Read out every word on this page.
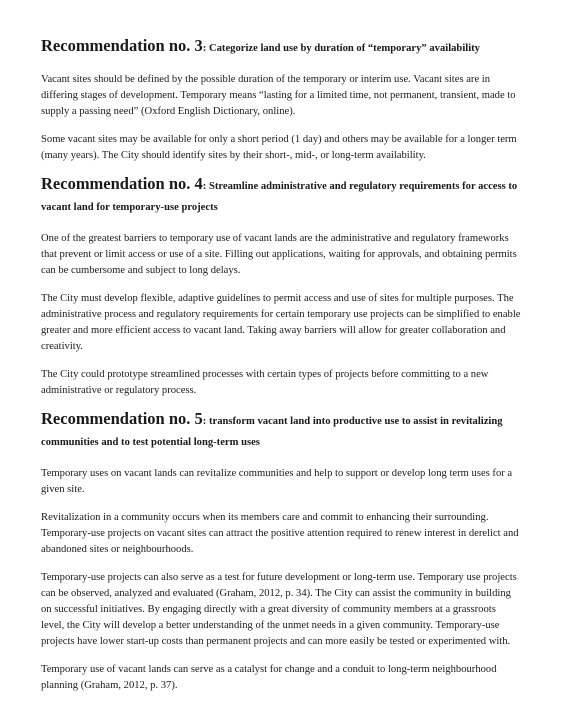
Recommendation no. 3: Categorize land use by duration of “temporary” availability

Vacant sites should be defined by the possible duration of the temporary or interim use. Vacant sites are in differing stages of development. Temporary means “lasting for a limited time, not permanent, transient, made to supply a passing need” (Oxford English Dictionary, online).

Some vacant sites may be available for only a short period (1 day) and others may be available for a longer term (many years). The City should identify sites by their short-, mid-, or long-term availability.

Recommendation no. 4: Streamline administrative and regulatory requirements for access to vacant land for temporary-use projects

One of the greatest barriers to temporary use of vacant lands are the administrative and regulatory frameworks that prevent or limit access or use of a site. Filling out applications, waiting for approvals, and obtaining permits can be cumbersome and subject to long delays.

The City must develop flexible, adaptive guidelines to permit access and use of sites for multiple purposes. The administrative process and regulatory requirements for certain temporary use projects can be simplified to enable greater and more efficient access to vacant land. Taking away barriers will allow for greater collaboration and creativity.

The City could prototype streamlined processes with certain types of projects before committing to a new administrative or regulatory process.

Recommendation no. 5: transform vacant land into productive use to assist in revitalizing communities and to test potential long-term uses

Temporary uses on vacant lands can revitalize communities and help to support or develop long term uses for a given site.

Revitalization in a community occurs when its members care and commit to enhancing their surrounding. Temporary-use projects on vacant sites can attract the positive attention required to renew interest in derelict and abandoned sites or neighbourhoods.

Temporary-use projects can also serve as a test for future development or long-term use. Temporary use projects can be observed, analyzed and evaluated (Graham, 2012, p. 34). The City can assist the community in building on successful initiatives. By engaging directly with a great diversity of community members at a grassroots level, the City will develop a better understanding of the unmet needs in a given community. Temporary-use projects have lower start-up costs than permanent projects and can more easily be tested or experimented with.

Temporary use of vacant lands can serve as a catalyst for change and a conduit to long-term neighbourhood planning (Graham, 2012, p. 37).
